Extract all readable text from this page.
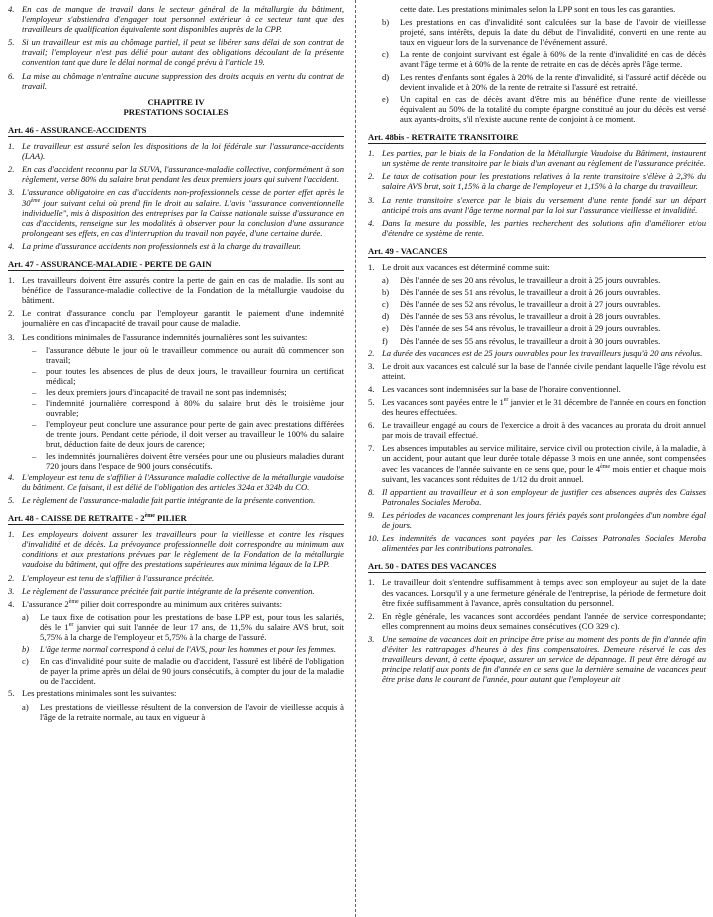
4. En cas de manque de travail dans le secteur général de la métallurgie du bâtiment, l'employeur s'abstiendra d'engager tout personnel extérieur à ce secteur tant que des travailleurs de qualification équivalente sont disponibles auprès de la CPP.
5. Si un travailleur est mis au chômage partiel, il peut se libérer sans délai de son contrat de travail; l'employeur n'est pas délié pour autant des obligations découlant de la présente convention tant que dure le délai normal de congé prévu à l'article 19.
6. La mise au chômage n'entraîne aucune suppression des droits acquis en vertu du contrat de travail.
CHAPITRE IV
PRESTATIONS SOCIALES
Art. 46 - ASSURANCE-ACCIDENTS
1. Le travailleur est assuré selon les dispositions de la loi fédérale sur l'assurance-accidents (LAA).
2. En cas d'accident reconnu par la SUVA, l'assurance-maladie collective, conformément à son règlement, verse 80% du salaire brut pendant les deux premiers jours qui suivent l'accident.
3. L'assurance obligatoire en cas d'accidents non-professionnels cesse de porter effet après le 30ème jour suivant celui où prend fin le droit au salaire. L'avis "assurance conventionnelle individuelle", mis à disposition des entreprises par la Caisse nationale suisse d'assurance en cas d'accidents, renseigne sur les modalités à observer pour la conclusion d'une assurance prolongeant ses effets, en cas d'interruption du travail non payée, d'une certaine durée.
4. La prime d'assurance accidents non professionnels est à la charge du travailleur.
Art. 47 - ASSURANCE-MALADIE - PERTE DE GAIN
1. Les travailleurs doivent être assurés contre la perte de gain en cas de maladie. Ils sont au bénéfice de l'assurance-maladie collective de la Fondation de la métallurgie vaudoise du bâtiment.
2. Le contrat d'assurance conclu par l'employeur garantit le paiement d'une indemnité journalière en cas d'incapacité de travail pour cause de maladie.
3. Les conditions minimales de l'assurance indemnités journalières sont les suivantes:
–	l'assurance débute le jour où le travailleur commence ou aurait dû commencer son travail;
–	pour toutes les absences de plus de deux jours, le travailleur fournira un certificat médical;
–	les deux premiers jours d'incapacité de travail ne sont pas indemnisés;
–	l'indemnité journalière correspond à 80% du salaire brut dès le troisième jour ouvrable;
–	l'employeur peut conclure une assurance pour perte de gain avec prestations différées de trente jours. Pendant cette période, il doit verser au travailleur le 100% du salaire brut, déduction faite de deux jours de carence;
–	les indemnités journalières doivent être versées pour une ou plusieurs maladies durant 720 jours dans l'espace de 900 jours consécutifs.
4. L'employeur est tenu de s'affilier à l'Assurance maladie collective de la métallurgie vaudoise du bâtiment. Ce faisant, il est délié de l'obligation des articles 324a et 324b du CO.
5. Le règlement de l'assurance-maladie fait partie intégrante de la présente convention.
Art. 48 - CAISSE DE RETRAITE - 2ème PILIER
1. Les employeurs doivent assurer les travailleurs pour la vieillesse et contre les risques d'invalidité et de décès. La prévoyance professionnelle doit correspondre au minimum aux conditions et aux prestations prévues par le règlement de la Fondation de la métallurgie vaudoise du bâtiment, qui offre des prestations supérieures aux minima légaux de la LPP.
2. L'employeur est tenu de s'affilier à l'assurance précitée.
3. Le règlement de l'assurance précitée fait partie intégrante de la présente convention.
4. L'assurance 2ème pilier doit correspondre au minimum aux critères suivants:
a)	Le taux fixe de cotisation pour les prestations de base LPP est, pour tous les salariés, dès le 1er janvier qui suit l'année de leur 17 ans, de 11,5% du salaire AVS brut, soit 5,75% à la charge de l'employeur et 5,75% à la charge de l'assuré.
b)	L'âge terme normal correspond à celui de l'AVS, pour les hommes et pour les femmes.
c)	En cas d'invalidité pour suite de maladie ou d'accident, l'assuré est libéré de l'obligation de payer la prime après un délai de 90 jours consécutifs, à compter du jour de la maladie ou de l'accident.
5. Les prestations minimales sont les suivantes:
a)	Les prestations de vieillesse résultent de la conversion de l'avoir de vieillesse acquis à l'âge de la retraite normale, au taux en vigueur à
cette date. Les prestations minimales selon la LPP sont en tous les cas garanties.
b)	Les prestations en cas d'invalidité sont calculées sur la base de l'avoir de vieillesse projeté, sans intérêts, depuis la date du début de l'invalidité, converti en une rente au taux en vigueur lors de la survenance de l'événement assuré.
c)	La rente de conjoint survivant est égale à 60% de la rente d'invalidité en cas de décès avant l'âge terme et à 60% de la rente de retraite en cas de décès après l'âge terme.
d)	Les rentes d'enfants sont égales à 20% de la rente d'invalidité, si l'assuré actif décède ou devient invalide et à 20% de la rente de retraite si l'assuré est retraité.
e)	Un capital en cas de décès avant d'être mis au bénéfice d'une rente de vieillesse équivalent au 50% de la totalité du compte épargne constitué au jour du décès est versé aux ayants-droits, s'il n'existe aucune rente de conjoint à ce moment.
Art. 48bis - RETRAITE TRANSITOIRE
1. Les parties, par le biais de la Fondation de la Métallurgie Vaudoise du Bâtiment, instaurent un système de rente transitoire par le biais d'un avenant au règlement de l'assurance précitée.
2. Le taux de cotisation pour les prestations relatives à la rente transitoire s'élève à 2,3% du salaire AVS brut, soit 1,15% à la charge de l'employeur et 1,15% à la charge du travailleur.
3. La rente transitoire s'exerce par le biais du versement d'une rente fondé sur un départ anticipé trois ans avant l'âge terme normal par la loi sur l'assurance vieillesse et invalidité.
4. Dans la mesure du possible, les parties recherchent des solutions afin d'améliorer et/ou d'étendre ce système de rente.
Art. 49 - VACANCES
1. Le droit aux vacances est déterminé comme suit:
a)	Dès l'année de ses 20 ans révolus, le travailleur a droit à 25 jours ouvrables.
b)	Dès l'année de ses 51 ans révolus, le travailleur a droit à 26 jours ouvrables.
c)	Dès l'année de ses 52 ans révolus, le travailleur a droit à 27 jours ouvrables.
d)	Dès l'année de ses 53 ans révolus, le travailleur a droit à 28 jours ouvrables.
e)	Dès l'année de ses 54 ans révolus, le travailleur a droit à 29 jours ouvrables.
f)	Dès l'année de ses 55 ans révolus, le travailleur a droit à 30 jours ouvrables.
2. La durée des vacances est de 25 jours ouvrables pour les travailleurs jusqu'à 20 ans révolus.
3. Le droit aux vacances est calculé sur la base de l'année civile pendant laquelle l'âge révolu est atteint.
4. Les vacances sont indemnisées sur la base de l'horaire conventionnel.
5. Les vacances sont payées entre le 1er janvier et le 31 décembre de l'année en cours en fonction des heures effectuées.
6. Le travailleur engagé au cours de l'exercice a droit à des vacances au prorata du droit annuel par mois de travail effectué.
7. Les absences imputables au service militaire, service civil ou protection civile, à la maladie, à un accident, pour autant que leur durée totale dépasse 3 mois en une année, sont compensées avec les vacances de l'année suivante en ce sens que, pour le 4ème mois entier et chaque mois suivant, les vacances sont réduites de 1/12 du droit annuel.
8. Il appartient au travailleur et à son employeur de justifier ces absences auprès des Caisses Patronales Sociales Meroba.
9. Les périodes de vacances comprenant les jours fériés payés sont prolongées d'un nombre égal de jours.
10. Les indemnités de vacances sont payées par les Caisses Patronales Sociales Meroba alimentées par les contributions patronales.
Art. 50 - DATES DES VACANCES
1. Le travailleur doit s'entendre suffisamment à temps avec son employeur au sujet de la date des vacances. Lorsqu'il y a une fermeture générale de l'entreprise, la période de fermeture doit être fixée suffisamment à l'avance, après consultation du personnel.
2. En règle générale, les vacances sont accordées pendant l'année de service correspondante; elles comprennent au moins deux semaines consécutives (CO 329 c).
3. Une semaine de vacances doit en principe être prise au moment des ponts de fin d'année afin d'éviter les rattrapages d'heures à des fins compensatoires. Demeure réservé le cas des travailleurs devant, à cette époque, assurer un service de dépannage. Il peut être dérogé au principe relatif aux ponts de fin d'année en ce sens que la dernière semaine de vacances peut être prise dans le courant de l'année, pour autant que l'employeur ait
